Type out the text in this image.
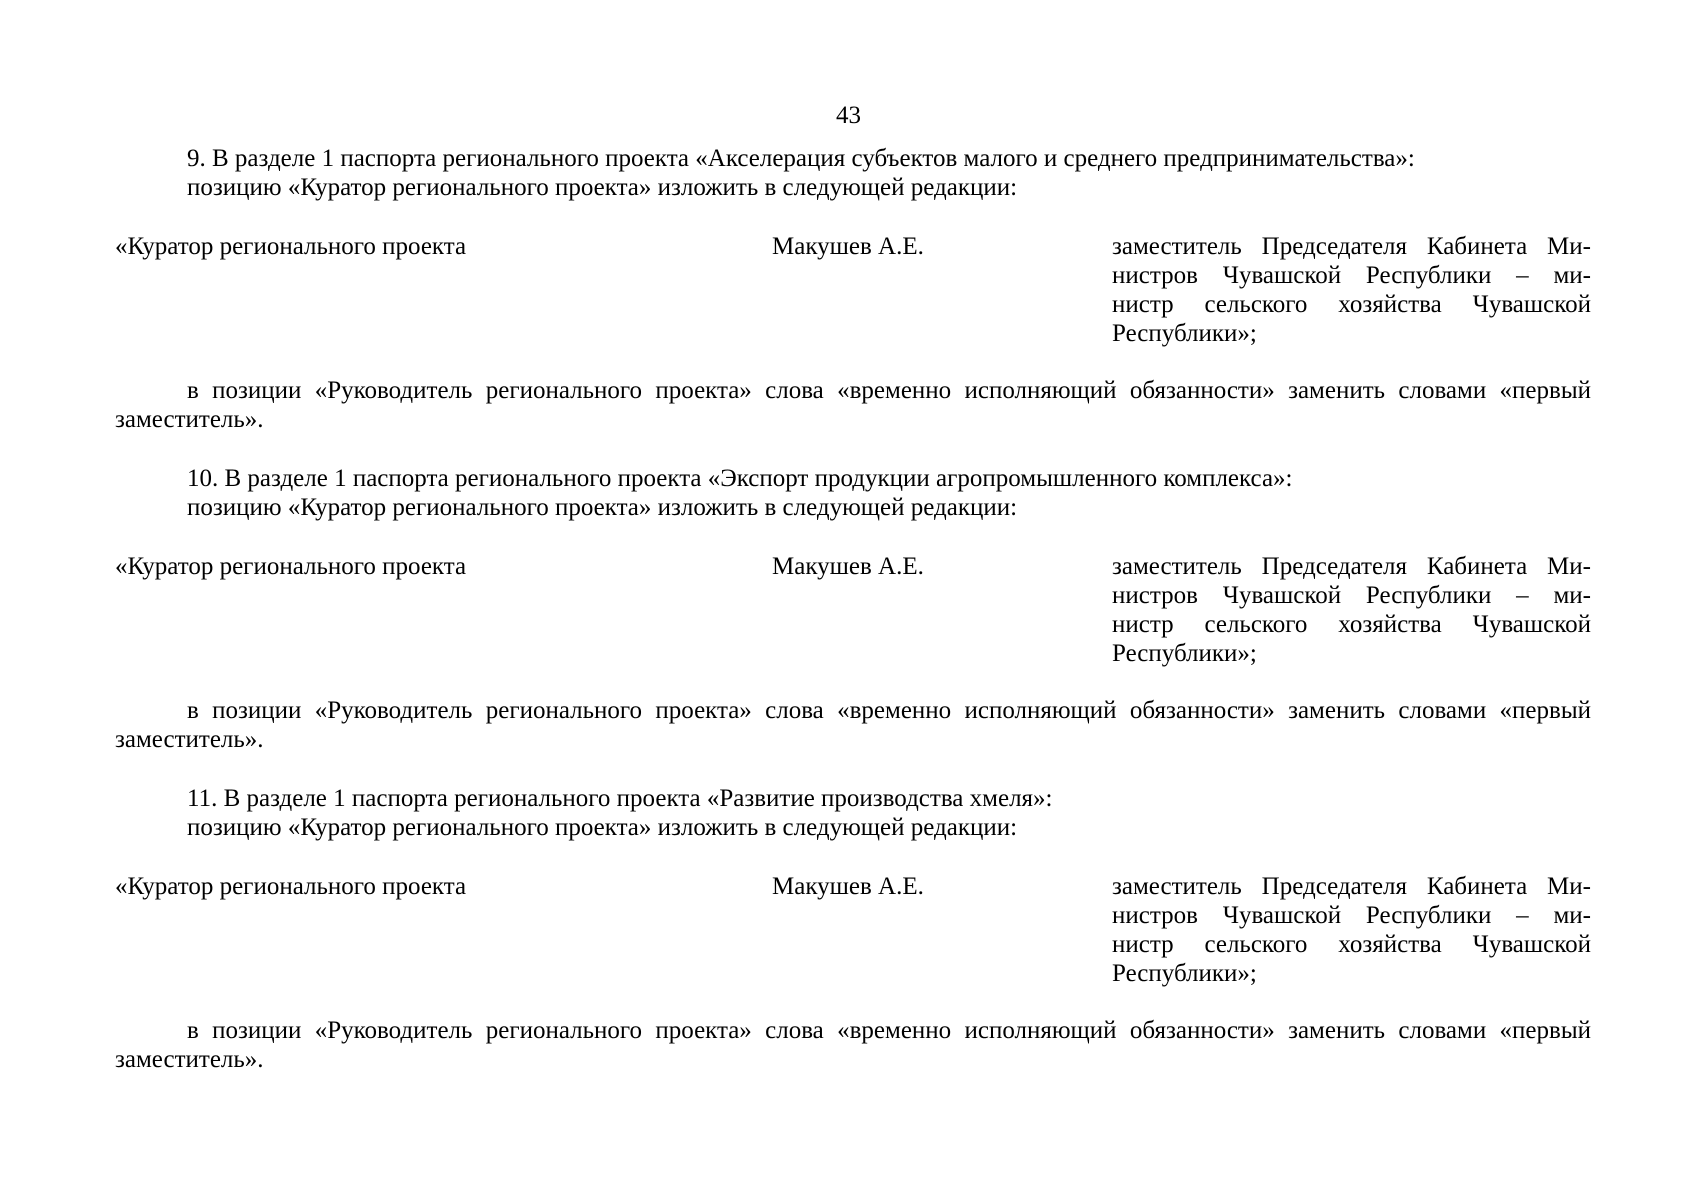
43
9. В разделе 1 паспорта регионального проекта «Акселерация субъектов малого и среднего предпринимательства»:
позицию «Куратор регионального проекта» изложить в следующей редакции:
«Куратор регионального проекта	Макушев А.Е.	заместитель Председателя Кабинета Ми-
нистров Чувашской Республики – ми-
нистр сельского хозяйства Чувашской
Республики»;
в позиции «Руководитель регионального проекта» слова «временно исполняющий обязанности» заменить словами «первый
заместитель».
10. В разделе 1 паспорта регионального проекта «Экспорт продукции агропромышленного комплекса»:
позицию «Куратор регионального проекта» изложить в следующей редакции:
«Куратор регионального проекта	Макушев А.Е.	заместитель Председателя Кабинета Ми-
нистров Чувашской Республики – ми-
нистр сельского хозяйства Чувашской
Республики»;
в позиции «Руководитель регионального проекта» слова «временно исполняющий обязанности» заменить словами «первый
заместитель».
11. В разделе 1 паспорта регионального проекта «Развитие производства хмеля»:
позицию «Куратор регионального проекта» изложить в следующей редакции:
«Куратор регионального проекта	Макушев А.Е.	заместитель Председателя Кабинета Ми-
нистров Чувашской Республики – ми-
нистр сельского хозяйства Чувашской
Республики»;
в позиции «Руководитель регионального проекта» слова «временно исполняющий обязанности» заменить словами «первый
заместитель».
